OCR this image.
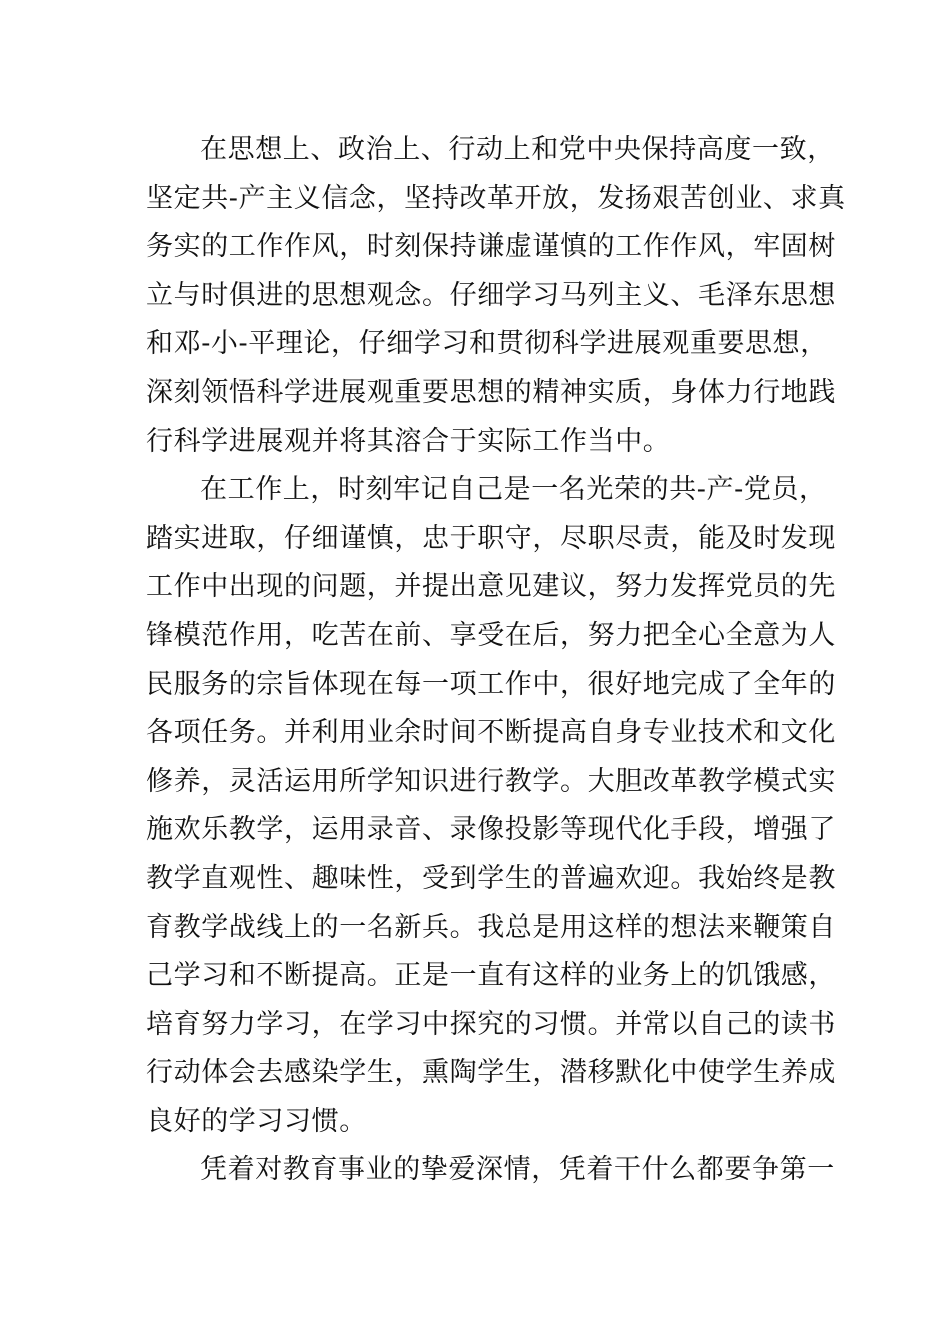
在思想上、政治上、行动上和党中央保持高度一致，
坚定共-产主义信念，坚持改革开放，发扬艰苦创业、求真
务实的工作作风，时刻保持谦虚谨慎的工作作风，牢固树
立与时俱进的思想观念。仔细学习马列主义、毛泽东思想
和邓-小-平理论，仔细学习和贯彻科学进展观重要思想，
深刻领悟科学进展观重要思想的精神实质，身体力行地践
行科学进展观并将其溶合于实际工作当中。
在工作上，时刻牢记自己是一名光荣的共-产-党员，
踏实进取，仔细谨慎，忠于职守，尽职尽责，能及时发现
工作中出现的问题，并提出意见建议，努力发挥党员的先
锋模范作用，吃苦在前、享受在后，努力把全心全意为人
民服务的宗旨体现在每一项工作中，很好地完成了全年的
各项任务。并利用业余时间不断提高自身专业技术和文化
修养，灵活运用所学知识进行教学。大胆改革教学模式实
施欢乐教学，运用录音、录像投影等现代化手段，增强了
教学直观性、趣味性，受到学生的普遍欢迎。我始终是教
育教学战线上的一名新兵。我总是用这样的想法来鞭策自
己学习和不断提高。正是一直有这样的业务上的饥饿感，
培育努力学习，在学习中探究的习惯。并常以自己的读书
行动体会去感染学生，熏陶学生，潜移默化中使学生养成
良好的学习习惯。
凭着对教育事业的挚爱深情，凭着干什么都要争第一
